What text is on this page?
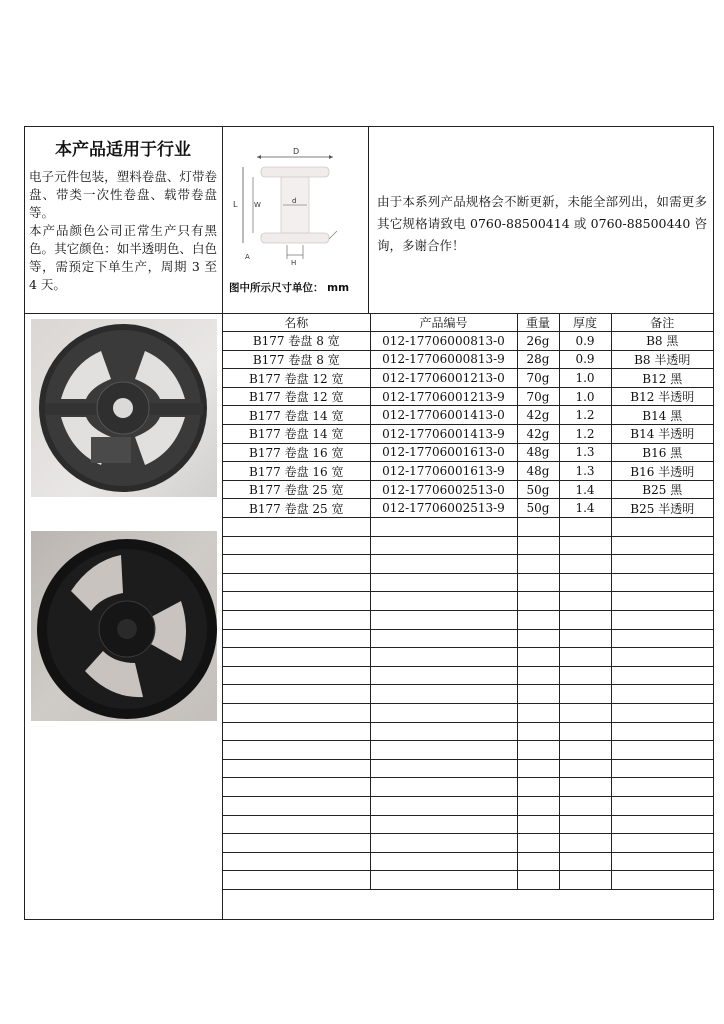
本产品适用于行业

电子元件包装，塑料卷盘、灯带卷盘、带类一次性卷盘、载带卷盘等。

本产品颜色公司正常生产只有黑色。其它颜色：如半透明色、白色等，需预定下单生产，周期 3 至 4 天。

D
d
L W
H
A
图中所示尺寸单位： mm

由于本系列产品规格会不断更新，未能全部列出，如需更多其它规格请致电 0760-88500414 或 0760-88500440 咨询，多谢合作！

名称	产品编号	重量	厚度	备注
B177 卷盘 8 宽	012-17706000813-0	26g	0.9	B8 黑
B177 卷盘 8 宽	012-17706000813-9	28g	0.9	B8 半透明
B177 卷盘 12 宽	012-17706001213-0	70g	1.0	B12 黑
B177 卷盘 12 宽	012-17706001213-9	70g	1.0	B12 半透明
B177 卷盘 14 宽	012-17706001413-0	42g	1.2	B14 黑
B177 卷盘 14 宽	012-17706001413-9	42g	1.2	B14 半透明
B177 卷盘 16 宽	012-17706001613-0	48g	1.3	B16 黑
B177 卷盘 16 宽	012-17706001613-9	48g	1.3	B16 半透明
B177 卷盘 25 宽	012-17706002513-0	50g	1.4	B25 黑
B177 卷盘 25 宽	012-17706002513-9	50g	1.4	B25 半透明
